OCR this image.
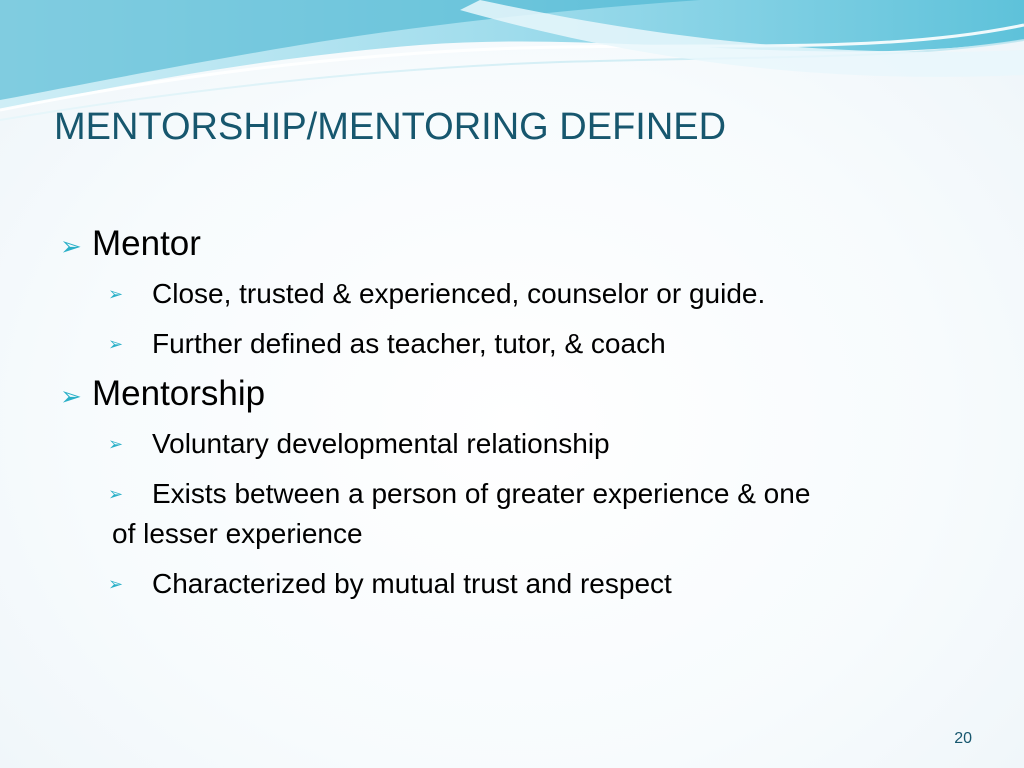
MENTORSHIP/MENTORING DEFINED
➢ Mentor
➢	Close, trusted & experienced, counselor or guide.
➢	Further defined as teacher, tutor, & coach
➢ Mentorship
➢	Voluntary developmental relationship
➢	Exists between a person of greater experience & one
of lesser experience
➢	Characterized by mutual trust and respect
20
